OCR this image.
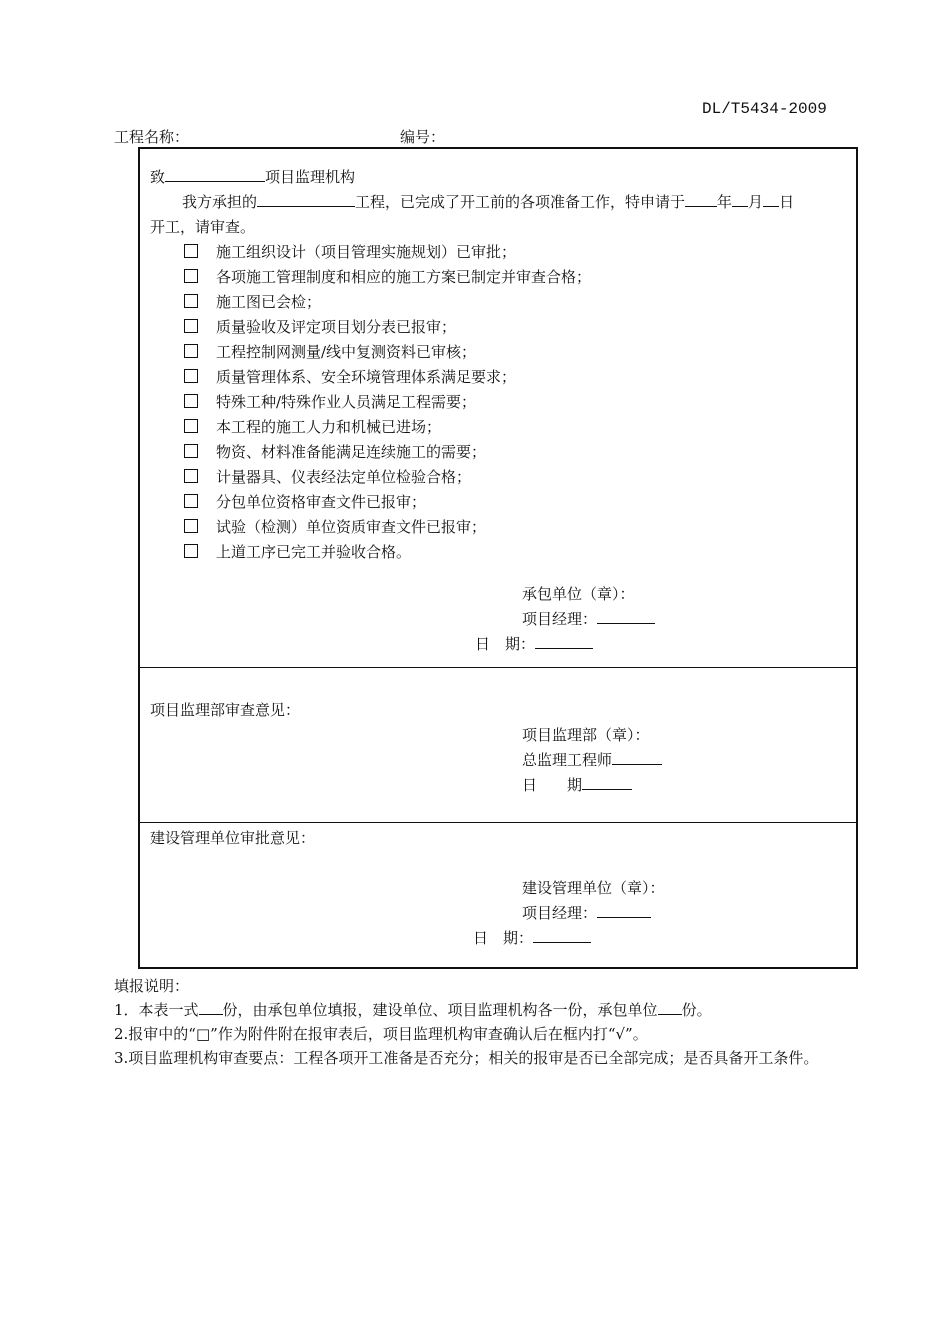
DL/T5434-2009
工程名称：	编号：
致	项目监理机构
我方承担的	工程，已完成了开工前的各项准备工作，特申请于 年 月 日
开工，请审查。
施工组织设计（项目管理实施规划）已审批；
各项施工管理制度和相应的施工方案已制定并审查合格；
施工图已会检；
质量验收及评定项目划分表已报审；
工程控制网测量/线中复测资料已审核；
质量管理体系、安全环境管理体系满足要求；
特殊工种/特殊作业人员满足工程需要；
本工程的施工人力和机械已进场；
物资、材料准备能满足连续施工的需要；
计量器具、仪表经法定单位检验合格；
分包单位资格审查文件已报审；
试验（检测）单位资质审查文件已报审；
上道工序已完工并验收合格。
承包单位（章）：
项目经理：
日　期：
项目监理部审查意见：
项目监理部（章）：
总监理工程师
日　　期
建设管理单位审批意见：
建设管理单位（章）：
项目经理：
日　期：
填报说明：
1．本表一式 份，由承包单位填报，建设单位、项目监理机构各一份，承包单位 份。
2.报审中的“□”作为附件附在报审表后，项目监理机构审查确认后在框内打“√”。
3.项目监理机构审查要点：工程各项开工准备是否充分；相关的报审是否已全部完成；是否具备开工条件。
